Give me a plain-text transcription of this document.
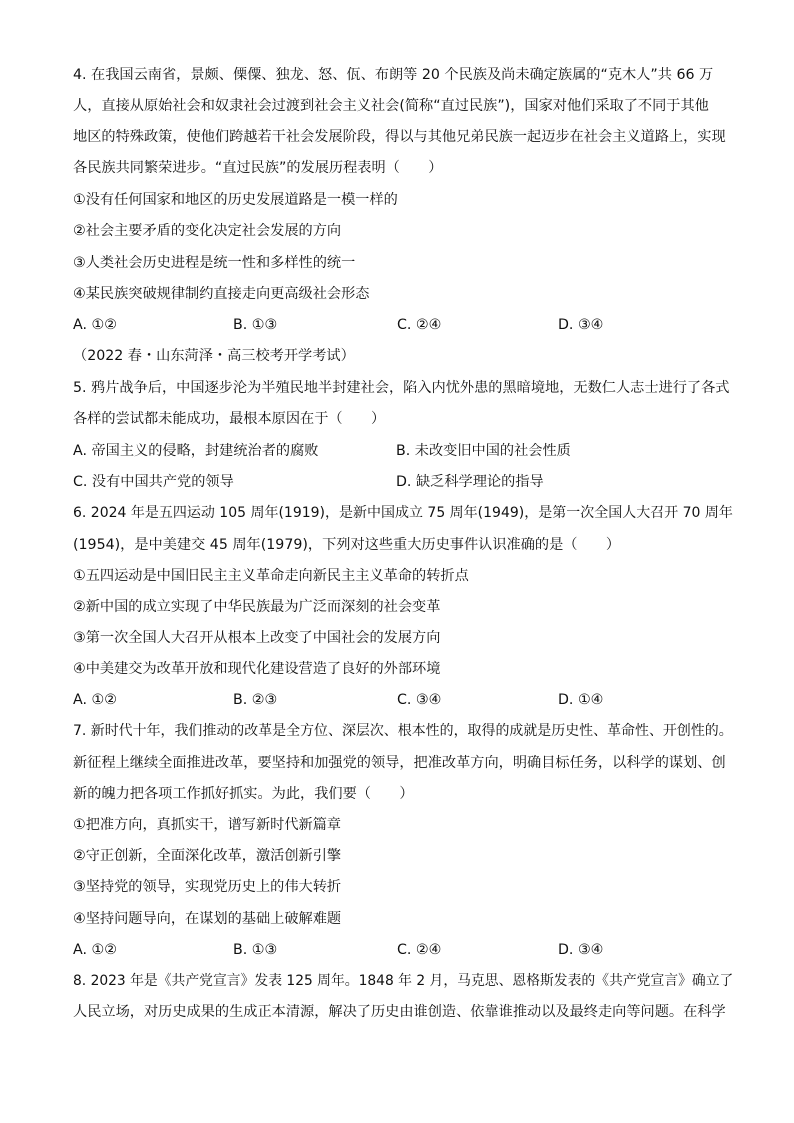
4. 在我国云南省，景颇、傈僳、独龙、怒、佤、布朗等 20 个民族及尚未确定族属的“克木人”共 66 万
人，直接从原始社会和奴隶社会过渡到社会主义社会(简称“直过民族”)，国家对他们采取了不同于其他
地区的特殊政策，使他们跨越若干社会发展阶段，得以与其他兄弟民族一起迈步在社会主义道路上，实现
各民族共同繁荣进步。“直过民族”的发展历程表明（　　）
①没有任何国家和地区的历史发展道路是一模一样的
②社会主要矛盾的变化决定社会发展的方向
③人类社会历史进程是统一性和多样性的统一
④某民族突破规律制约直接走向更高级社会形态
A. ①②	B. ①③	C. ②④	D. ③④
（2022 春・山东菏泽・高三校考开学考试）
5. 鸦片战争后，中国逐步沦为半殖民地半封建社会，陷入内忧外患的黑暗境地，无数仁人志士进行了各式
各样的尝试都未能成功，最根本原因在于（　　）
A. 帝国主义的侵略，封建统治者的腐败	B. 未改变旧中国的社会性质
C. 没有中国共产党的领导	D. 缺乏科学理论的指导
6. 2024 年是五四运动 105 周年(1919)，是新中国成立 75 周年(1949)，是第一次全国人大召开 70 周年
(1954)，是中美建交 45 周年(1979)，下列对这些重大历史事件认识准确的是（　　）
①五四运动是中国旧民主主义革命走向新民主主义革命的转折点
②新中国的成立实现了中华民族最为广泛而深刻的社会变革
③第一次全国人大召开从根本上改变了中国社会的发展方向
④中美建交为改革开放和现代化建设营造了良好的外部环境
A. ①②	B. ②③	C. ③④	D. ①④
7. 新时代十年，我们推动的改革是全方位、深层次、根本性的，取得的成就是历史性、革命性、开创性的。
新征程上继续全面推进改革，要坚持和加强党的领导，把准改革方向，明确目标任务，以科学的谋划、创
新的魄力把各项工作抓好抓实。为此，我们要（　　）
①把准方向，真抓实干，谱写新时代新篇章
②守正创新，全面深化改革，激活创新引擎
③坚持党的领导，实现党历史上的伟大转折
④坚持问题导向，在谋划的基础上破解难题
A. ①②	B. ①③	C. ②④	D. ③④
8. 2023 年是《共产党宣言》发表 125 周年。1848 年 2 月，马克思、恩格斯发表的《共产党宣言》确立了
人民立场，对历史成果的生成正本清源，解决了历史由谁创造、依靠谁推动以及最终走向等问题。在科学
